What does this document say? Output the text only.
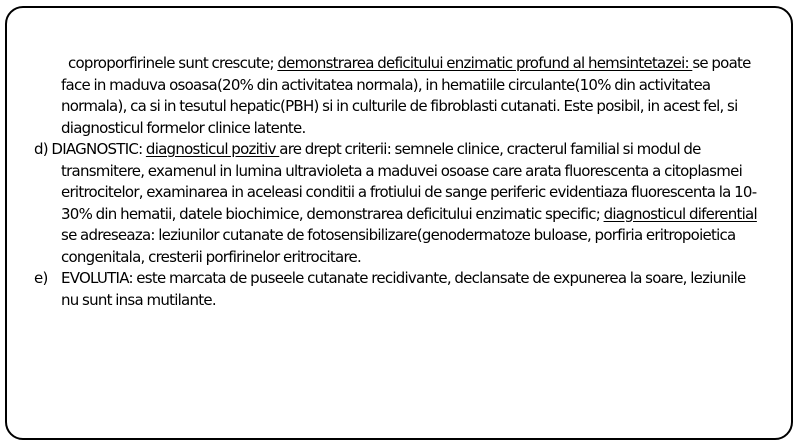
coproporfirinele sunt crescute; demonstrarea deficitului enzimatic profund al hemsintetazei: se poate face in maduva osoasa(20% din activitatea normala), in hematiile circulante(10% din activitatea normala), ca si in tesutul hepatic(PBH) si in culturile de fibroblasti cutanati. Este posibil, in acest fel, si diagnosticul formelor clinice latente.

d) DIAGNOSTIC: diagnosticul pozitiv are drept criterii: semnele clinice, cracterul familial si modul de transmitere, examenul in lumina ultravioleta a maduvei osoase care arata fluorescenta a citoplasmei eritrocitelor, examinarea in aceleasi conditii a frotiului de sange periferic evidentiaza fluorescenta la 10-30% din hematii, datele biochimice, demonstrarea deficitului enzimatic specific; diagnosticul diferential se adreseaza: leziunilor cutanate de fotosensibilizare(genodermatoze buloase, porfiria eritropoietica congenitala, cresterii porfirinelor eritrocitare.

e) EVOLUTIA: este marcata de puseele cutanate recidivante, declansate de expunerea la soare, leziunile nu sunt insa mutilante.
